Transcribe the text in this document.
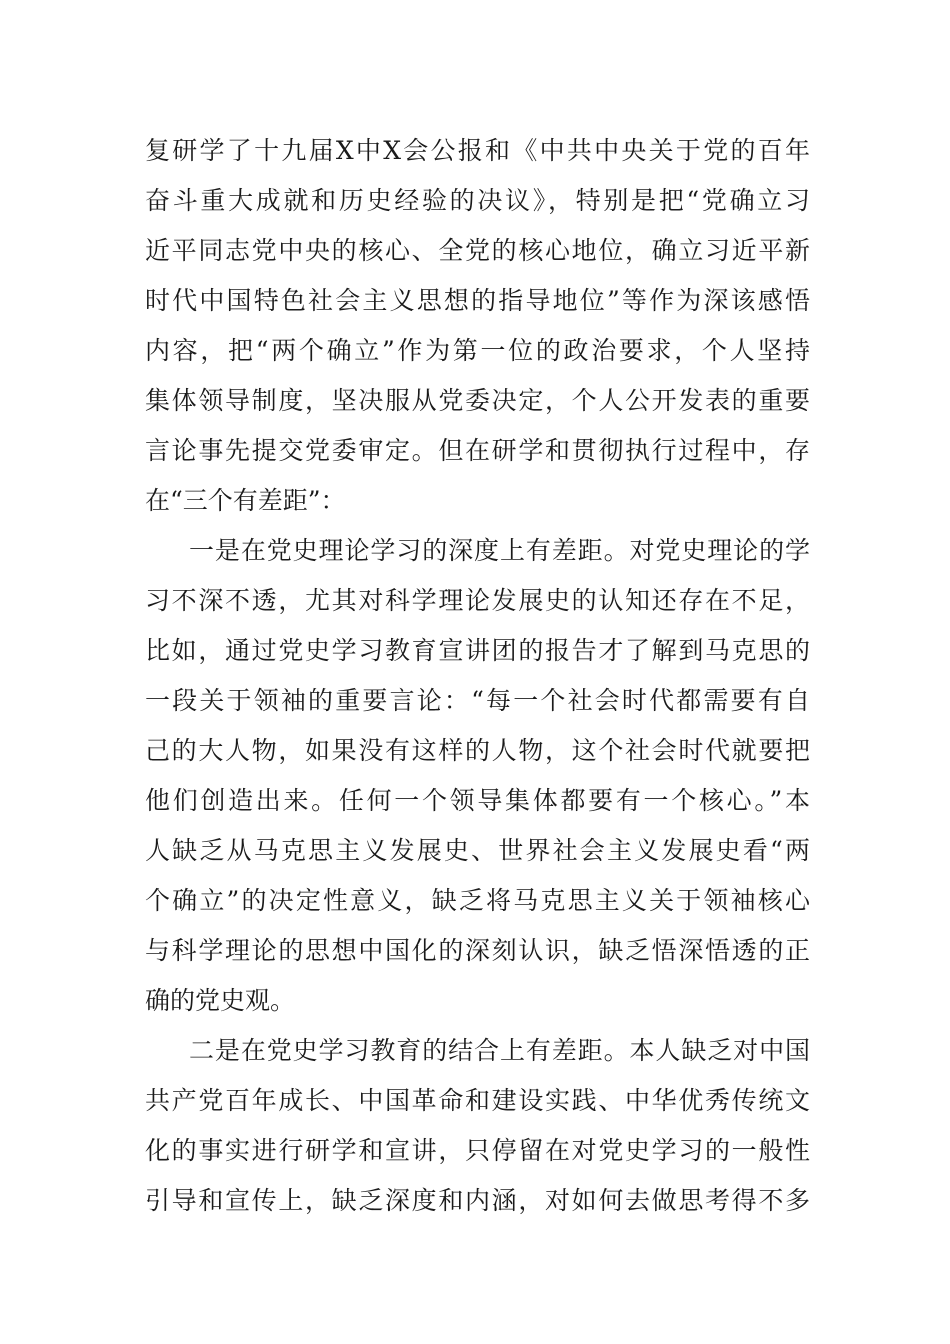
复研学了十九届X中X会公报和《中共中央关于党的百年
奋斗重大成就和历史经验的决议》，特别是把“党确立习
近平同志党中央的核心、全党的核心地位，确立习近平新
时代中国特色社会主义思想的指导地位”等作为深该感悟
内容，把“两个确立”作为第一位的政治要求，个人坚持
集体领导制度，坚决服从党委决定，个人公开发表的重要
言论事先提交党委审定。但在研学和贯彻执行过程中，存
在“三个有差距”：
一是在党史理论学习的深度上有差距。对党史理论的学
习不深不透，尤其对科学理论发展史的认知还存在不足，
比如，通过党史学习教育宣讲团的报告才了解到马克思的
一段关于领袖的重要言论：“每一个社会时代都需要有自
己的大人物，如果没有这样的人物，这个社会时代就要把
他们创造出来。任何一个领导集体都要有一个核心。”本
人缺乏从马克思主义发展史、世界社会主义发展史看“两
个确立”的决定性意义，缺乏将马克思主义关于领袖核心
与科学理论的思想中国化的深刻认识，缺乏悟深悟透的正
确的党史观。
二是在党史学习教育的结合上有差距。本人缺乏对中国
共产党百年成长、中国革命和建设实践、中华优秀传统文
化的事实进行研学和宣讲，只停留在对党史学习的一般性
引导和宣传上，缺乏深度和内涵，对如何去做思考得不多
